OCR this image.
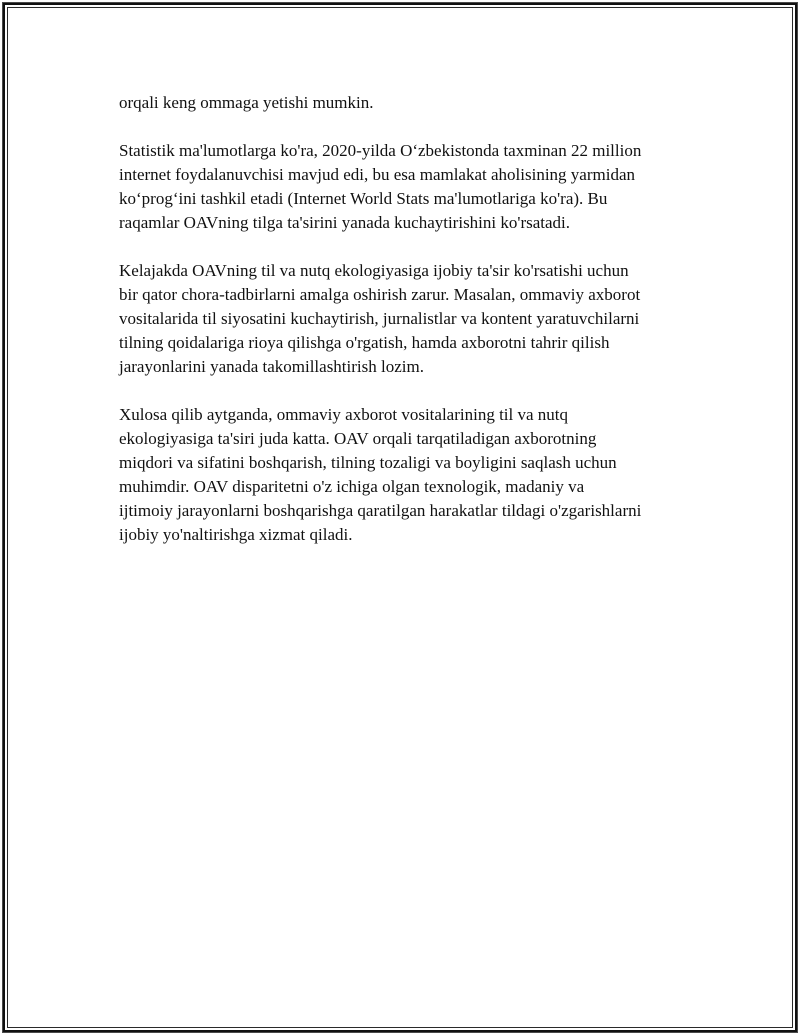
orqali keng ommaga yetishi mumkin.

Statistik ma'lumotlarga ko'ra, 2020-yilda O‘zbekistonda taxminan 22 million
internet foydalanuvchisi mavjud edi, bu esa mamlakat aholisining yarmidan
ko‘prog‘ini tashkil etadi (Internet World Stats ma'lumotlariga ko'ra). Bu
raqamlar OAVning tilga ta'sirini yanada kuchaytirishini ko'rsatadi.

Kelajakda OAVning til va nutq ekologiyasiga ijobiy ta'sir ko'rsatishi uchun
bir qator chora-tadbirlarni amalga oshirish zarur. Masalan, ommaviy axborot
vositalarida til siyosatini kuchaytirish, jurnalistlar va kontent yaratuvchilarni
tilning qoidalariga rioya qilishga o'rgatish, hamda axborotni tahrir qilish
jarayonlarini yanada takomillashtirish lozim.

Xulosa qilib aytganda, ommaviy axborot vositalarining til va nutq
ekologiyasiga ta'siri juda katta. OAV orqali tarqatiladigan axborotning
miqdori va sifatini boshqarish, tilning tozaligi va boyligini saqlash uchun
muhimdir. OAV disparitetni o'z ichiga olgan texnologik, madaniy va
ijtimoiy jarayonlarni boshqarishga qaratilgan harakatlar tildagi o'zgarishlarni
ijobiy yo'naltirishga xizmat qiladi.
